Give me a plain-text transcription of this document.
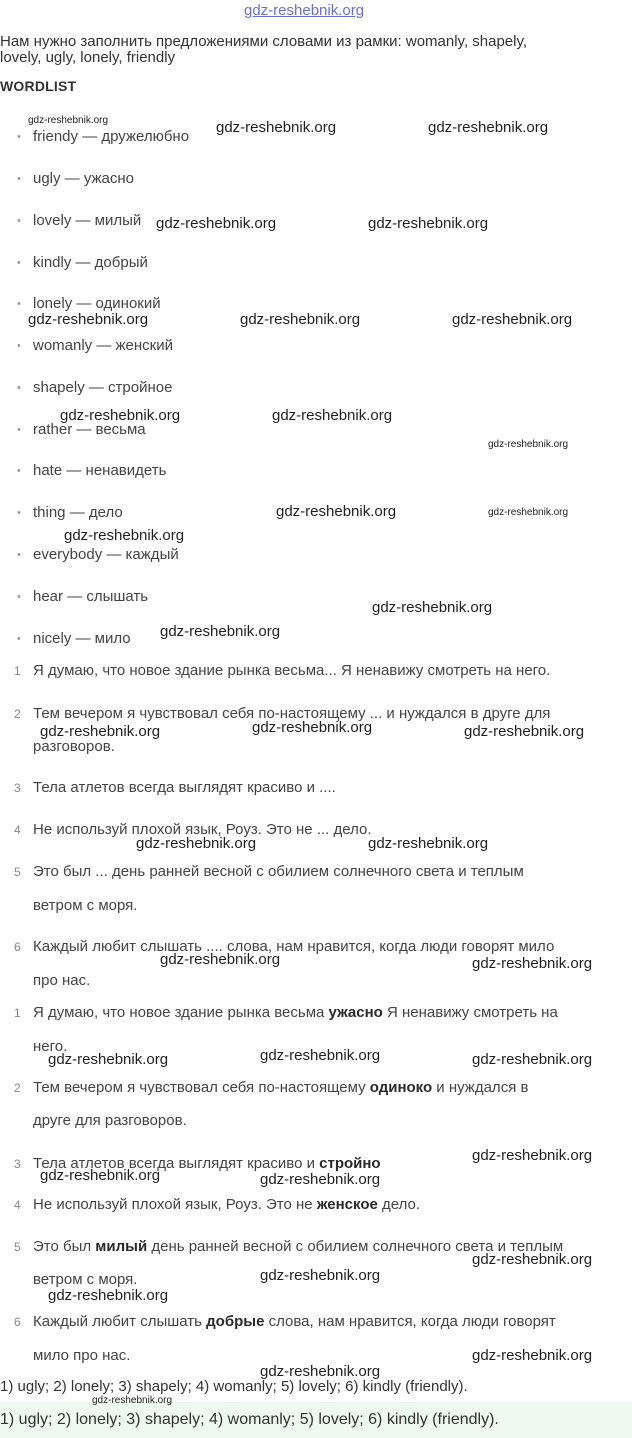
gdz-reshebnik.org
Нам нужно заполнить предложениями словами из рамки: womanly, shapely,
lovely, ugly, lonely, friendly
WORDLIST
• friendy — дружелюбно
• ugly — ужасно
• lovely — милый
• kindly — добрый
• lonely — одинокий
• womanly — женский
• shapely — стройное
• rather — весьма
• hate — ненавидеть
• thing — дело
• everybody — каждый
• hear — слышать
• nicely — мило
1 Я думаю, что новое здание рынка весьма... Я ненавижу смотреть на него.
2 Тем вечером я чувствовал себя по-настоящему ... и нуждался в друге для
разговоров.
3 Тела атлетов всегда выглядят красиво и ....
4 Не используй плохой язык, Роуз. Это не ... дело.
5 Это был ... день ранней весной с обилием солнечного света и теплым
ветром с моря.
6 Каждый любит слышать .... слова, нам нравится, когда люди говорят мило
про нас.
1 Я думаю, что новое здание рынка весьма ужасно Я ненавижу смотреть на
него.
2 Тем вечером я чувствовал себя по-настоящему одиноко и нуждался в
друге для разговоров.
3 Тела атлетов всегда выглядят красиво и стройно
4 Не используй плохой язык, Роуз. Это не женское дело.
5 Это был милый день ранней весной с обилием солнечного света и теплым
ветром с моря.
6 Каждый любит слышать добрые слова, нам нравится, когда люди говорят
мило про нас.
1) ugly; 2) lonely; 3) shapely; 4) womanly; 5) lovely; 6) kindly (friendly).
1) ugly; 2) lonely; 3) shapely; 4) womanly; 5) lovely; 6) kindly (friendly).
gdz-reshebnik.org	gdz-reshebnik.org	gdz-reshebnik.org
gdz-reshebnik.org	gdz-reshebnik.org
gdz-reshebnik.org	gdz-reshebnik.org	gdz-reshebnik.org
gdz-reshebnik.org	gdz-reshebnik.org
gdz-reshebnik.org
gdz-reshebnik.org	gdz-reshebnik.org
gdz-reshebnik.org
gdz-reshebnik.org
gdz-reshebnik.org
gdz-reshebnik.org
gdz-reshebnik.org	gdz-reshebnik.org
gdz-reshebnik.org	gdz-reshebnik.org
gdz-reshebnik.org	gdz-reshebnik.org
gdz-reshebnik.org
gdz-reshebnik.org	gdz-reshebnik.org
gdz-reshebnik.org
gdz-reshebnik.org	gdz-reshebnik.org
gdz-reshebnik.org
gdz-reshebnik.org
gdz-reshebnik.org
gdz-reshebnik.org
gdz-reshebnik.org
gdz-reshebnik.org
